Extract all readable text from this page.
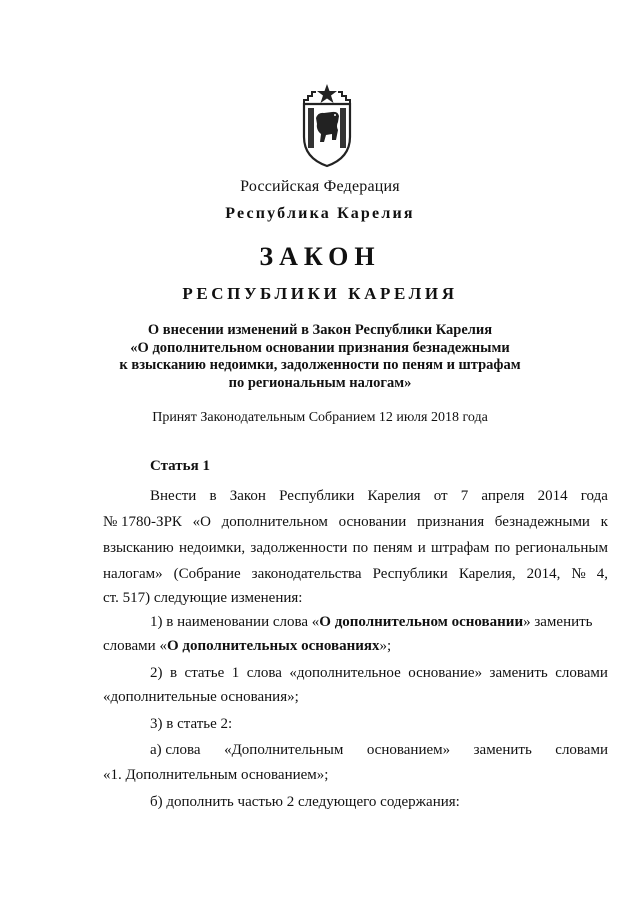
Российская Федерация
Республика Карелия
ЗАКОН
РЕСПУБЛИКИ КАРЕЛИЯ
О внесении изменений в Закон Республики Карелия
«О дополнительном основании признания безнадежными
к взысканию недоимки, задолженности по пеням и штрафам
по региональным налогам»
Принят Законодательным Собранием 12 июля 2018 года
Статья 1
Внести в Закон Республики Карелия от 7 апреля 2014 года
№ 1780-ЗРК «О дополнительном основании признания безнадежными к
взысканию недоимки, задолженности по пеням и штрафам по региональным
налогам» (Собрание законодательства Республики Карелия, 2014, № 4,
ст. 517) следующие изменения:
1) в наименовании слова «О дополнительном основании» заменить
словами «О дополнительных основаниях»;
2) в статье 1 слова «дополнительное основание» заменить словами
«дополнительные основания»;
3) в статье 2:
а) слова «Дополнительным основанием» заменить словами
«1. Дополнительным основанием»;
б) дополнить частью 2 следующего содержания:
